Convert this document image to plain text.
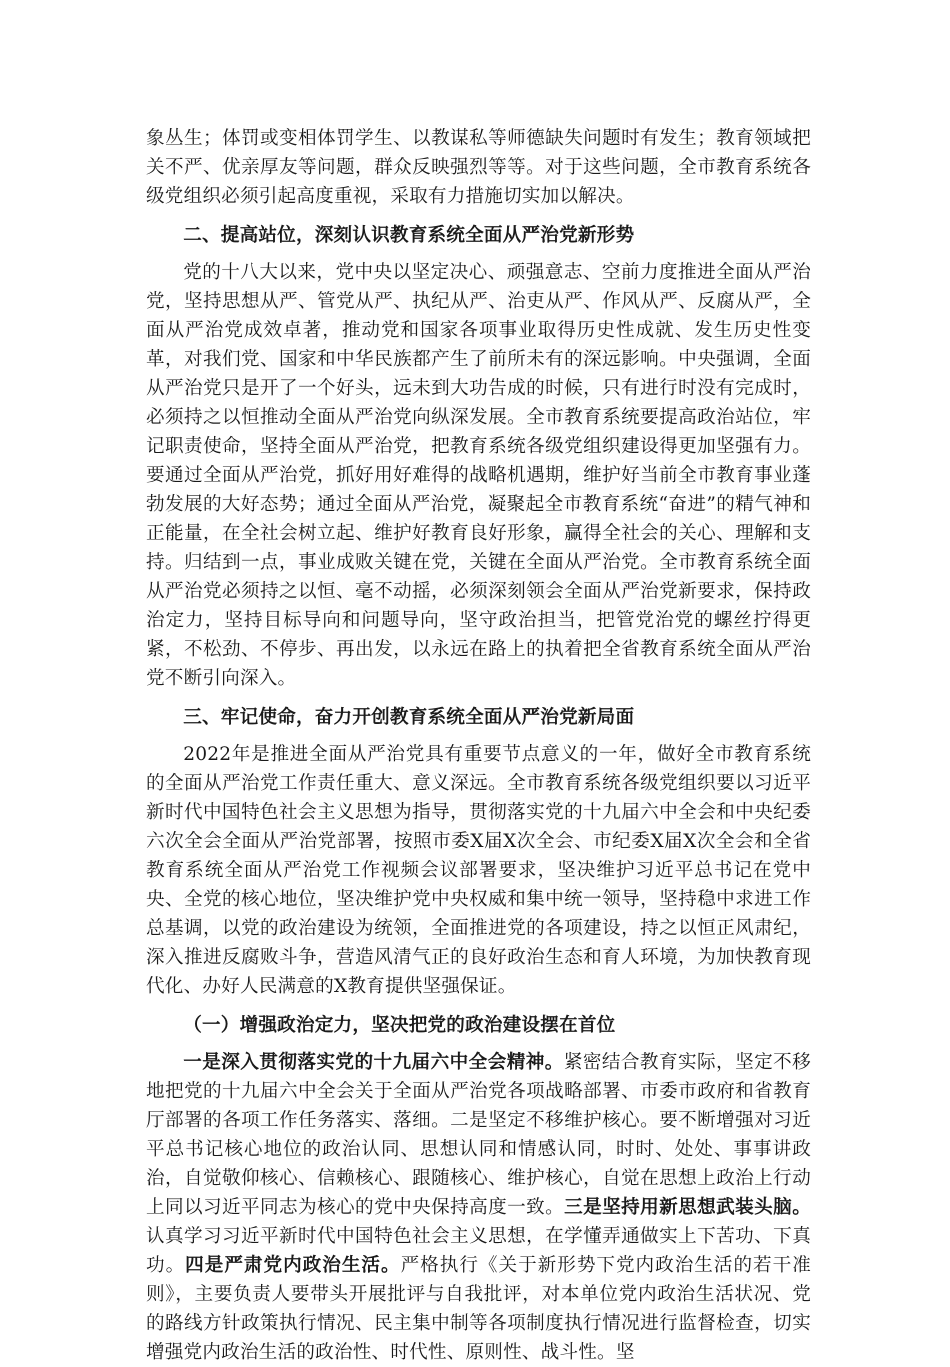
象丛生；体罚或变相体罚学生、以教谋私等师德缺失问题时有发生；教育领域把关不严、优亲厚友等问题，群众反映强烈等等。对于这些问题，全市教育系统各级党组织必须引起高度重视，采取有力措施切实加以解决。

二、提高站位，深刻认识教育系统全面从严治党新形势

党的十八大以来，党中央以坚定决心、顽强意志、空前力度推进全面从严治党，坚持思想从严、管党从严、执纪从严、治吏从严、作风从严、反腐从严，全面从严治党成效卓著，推动党和国家各项事业取得历史性成就、发生历史性变革，对我们党、国家和中华民族都产生了前所未有的深远影响。中央强调，全面从严治党只是开了一个好头，远未到大功告成的时候，只有进行时没有完成时，必须持之以恒推动全面从严治党向纵深发展。全市教育系统要提高政治站位，牢记职责使命，坚持全面从严治党，把教育系统各级党组织建设得更加坚强有力。要通过全面从严治党，抓好用好难得的战略机遇期，维护好当前全市教育事业蓬勃发展的大好态势；通过全面从严治党，凝聚起全市教育系统“奋进”的精气神和正能量，在全社会树立起、维护好教育良好形象，赢得全社会的关心、理解和支持。归结到一点，事业成败关键在党，关键在全面从严治党。全市教育系统全面从严治党必须持之以恒、毫不动摇，必须深刻领会全面从严治党新要求，保持政治定力，坚持目标导向和问题导向，坚守政治担当，把管党治党的螺丝拧得更紧，不松劲、不停步、再出发，以永远在路上的执着把全省教育系统全面从严治党不断引向深入。

三、牢记使命，奋力开创教育系统全面从严治党新局面

2022年是推进全面从严治党具有重要节点意义的一年，做好全市教育系统的全面从严治党工作责任重大、意义深远。全市教育系统各级党组织要以习近平新时代中国特色社会主义思想为指导，贯彻落实党的十九届六中全会和中央纪委六次全会全面从严治党部署，按照市委X届X次全会、市纪委X届X次全会和全省教育系统全面从严治党工作视频会议部署要求，坚决维护习近平总书记在党中央、全党的核心地位，坚决维护党中央权威和集中统一领导，坚持稳中求进工作总基调，以党的政治建设为统领，全面推进党的各项建设，持之以恒正风肃纪，深入推进反腐败斗争，营造风清气正的良好政治生态和育人环境，为加快教育现代化、办好人民满意的X教育提供坚强保证。

（一）增强政治定力，坚决把党的政治建设摆在首位

一是深入贯彻落实党的十九届六中全会精神。紧密结合教育实际，坚定不移地把党的十九届六中全会关于全面从严治党各项战略部署、市委市政府和省教育厅部署的各项工作任务落实、落细。二是坚定不移维护核心。要不断增强对习近平总书记核心地位的政治认同、思想认同和情感认同，时时、处处、事事讲政治，自觉敬仰核心、信赖核心、跟随核心、维护核心，自觉在思想上政治上行动上同以习近平同志为核心的党中央保持高度一致。三是坚持用新思想武装头脑。认真学习习近平新时代中国特色社会主义思想，在学懂弄通做实上下苦功、下真功。四是严肃党内政治生活。严格执行《关于新形势下党内政治生活的若干准则》，主要负责人要带头开展批评与自我批评，对本单位党内政治生活状况、党的路线方针政策执行情况、民主集中制等各项制度执行情况进行监督检查，切实增强党内政治生活的政治性、时代性、原则性、战斗性。坚
